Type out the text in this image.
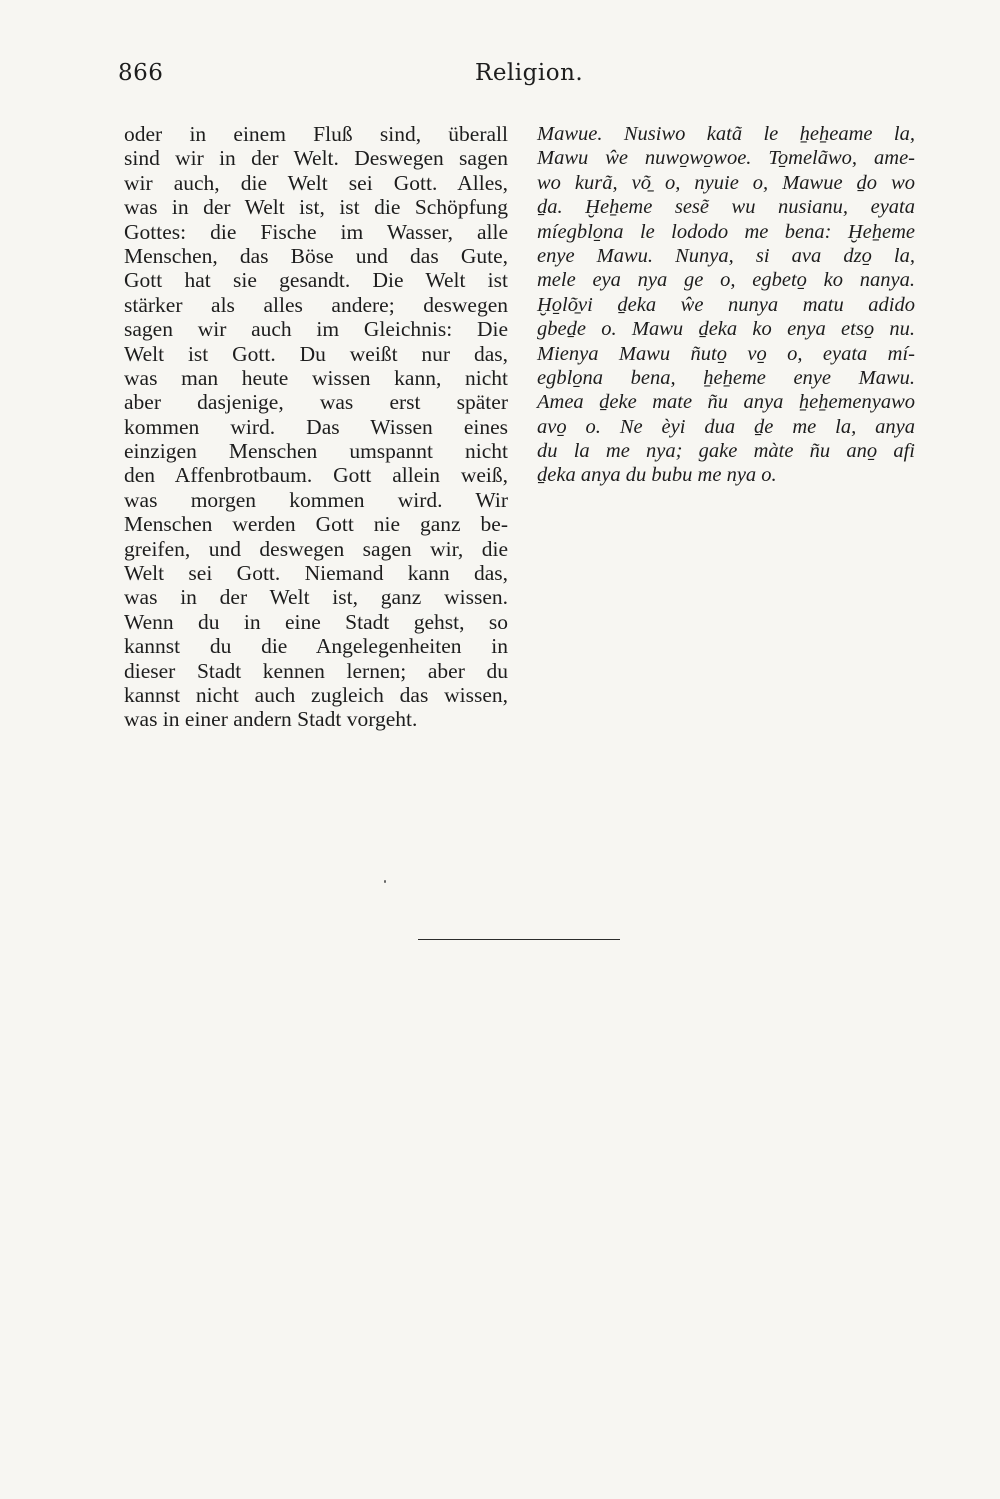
866	Religion.
oder in einem Fluß sind, überall
sind wir in der Welt. Deswegen sagen
wir auch, die Welt sei Gott. Alles,
was in der Welt ist, ist die Schöpfung
Gottes: die Fische im Wasser, alle
Menschen, das Böse und das Gute,
Gott hat sie gesandt. Die Welt ist
stärker als alles andere; deswegen
sagen wir auch im Gleichnis: Die
Welt ist Gott. Du weißt nur das,
was man heute wissen kann, nicht
aber dasjenige, was erst später
kommen wird. Das Wissen eines
einzigen Menschen umspannt nicht
den Affenbrotbaum. Gott allein weiß,
was morgen kommen wird. Wir
Menschen werden Gott nie ganz be-
greifen, und deswegen sagen wir, die
Welt sei Gott. Niemand kann das,
was in der Welt ist, ganz wissen.
Wenn du in eine Stadt gehst, so
kannst du die Angelegenheiten in
dieser Stadt kennen lernen; aber du
kannst nicht auch zugleich das wissen,
was in einer andern Stadt vorgeht.
Mawue. Nusiwo katã le ẖeẖeame la,
Mawu ŵe nuwo̱wo̱woe. To̱melãwo, ame-
wo kurã, võ̱ o, nyuie o, Mawue ḏo wo
ḏa. Ḫeẖeme sesẽ wu nusianu, eyata
míegblo̱na le lododo me bena: Ḫeẖeme
enye Mawu. Nunya, si ava dzo̱ la,
mele eya nya ge o, egbeto̱ ko nanya.
Ḫo̱lõ̱vi ḏeka ŵe nunya matu adido
gbeḏe o. Mawu ḏeka ko enya etso̱ nu.
Mienya Mawu ñuto̱ vo̱ o, eyata mí-
egblo̱na bena, ẖeẖeme enye Mawu.
Amea ḏeke mate ñu anya ẖeẖemenyawo
avo̱ o. Ne èyi dua ḏe me la, anya
du la me nya; gake màte ñu ano̱ afi
ḏeka anya du bubu me nya o.
